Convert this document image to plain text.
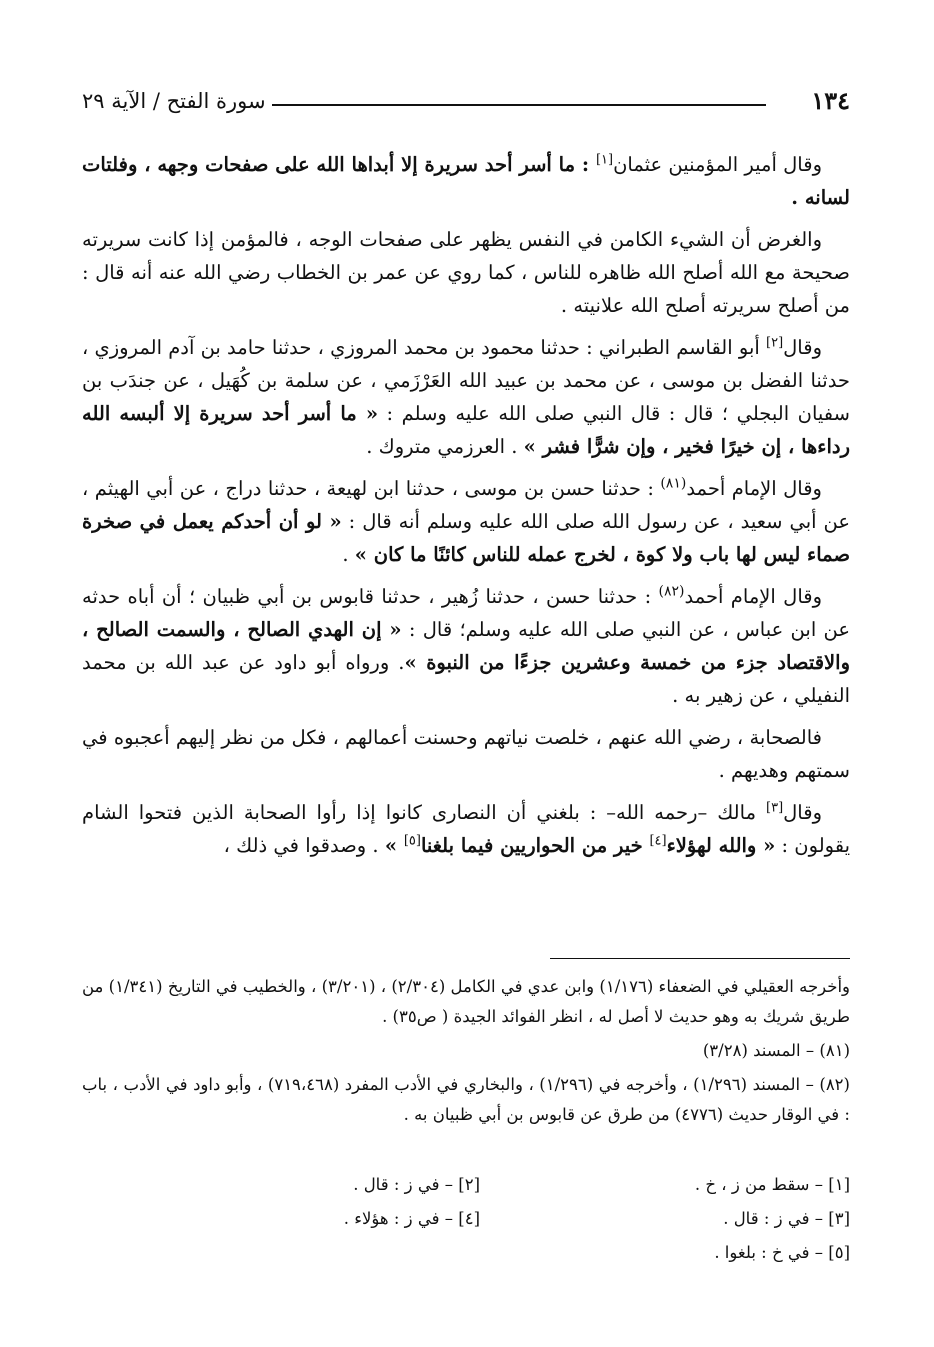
١٣٤
سورة الفتح / الآية ٢٩

وقال أمير المؤمنين عثمان[١] : ما أسر أحد سريرة إلا أبداها الله على صفحات وجهه ، وفلتات لسانه .

والغرض أن الشيء الكامن في النفس يظهر على صفحات الوجه ، فالمؤمن إذا كانت سريرته صحيحة مع الله أصلح الله ظاهره للناس ، كما روي عن عمر بن الخطاب رضي الله عنه أنه قال : من أصلح سريرته أصلح الله علانيته .

وقال[٢] أبو القاسم الطبراني : حدثنا محمود بن محمد المروزي ، حدثنا حامد بن آدم المروزي ، حدثنا الفضل بن موسى ، عن محمد بن عبيد الله العَرْزَمي ، عن سلمة بن كُهَيل ، عن جندَب بن سفيان البجلي ؛ قال : قال النبي صلى الله عليه وسلم : « ما أسر أحد سريرة إلا ألبسه الله رداءها ، إن خيرًا فخير ، وإن شرًّا فشر » . العرزمي متروك .

وقال الإمام أحمد$^{(٨١)}$ : حدثنا حسن بن موسى ، حدثنا ابن لهيعة ، حدثنا دراج ، عن أبي الهيثم ، عن أبي سعيد ، عن رسول الله صلى الله عليه وسلم أنه قال : « لو أن أحدكم يعمل في صخرة صماء ليس لها باب ولا كوة ، لخرج عمله للناس كائنًا ما كان » .

وقال الإمام أحمد$^{(٨٢)}$ : حدثنا حسن ، حدثنا زُهير ، حدثنا قابوس بن أبي ظبيان ؛ أن أباه حدثه عن ابن عباس ، عن النبي صلى الله عليه وسلم؛ قال : « إن الهدي الصالح ، والسمت الصالح ، والاقتصاد جزء من خمسة وعشرين جزءًا من النبوة ». ورواه أبو داود عن عبد الله بن محمد النفيلي ، عن زهير به .

فالصحابة ، رضي الله عنهم ، خلصت نياتهم وحسنت أعمالهم ، فكل من نظر إليهم أعجبوه في سمتهم وهديهم .

وقال[٣] مالك –رحمه الله– : بلغني أن النصارى كانوا إذا رأوا الصحابة الذين فتحوا الشام يقولون : « والله لهؤلاء[٤] خير من الحواريين فيما بلغنا[٥] » . وصدقوا في ذلك ،

وأخرجه العقيلي في الضعفاء (١/١٧٦) وابن عدي في الكامل (٢/٣٠٤) ، (٣/٢٠١) ، والخطيب في التاريخ (١/٣٤١) من طريق شريك به وهو حديث لا أصل له ، انظر الفوائد الجيدة ( ص٣٥) .

(٨١) – المسند (٣/٢٨)

(٨٢) – المسند (١/٢٩٦) ، وأخرجه في (١/٢٩٦) ، والبخاري في الأدب المفرد (٧١٩،٤٦٨) ، وأبو داود في الأدب ، باب : في الوقار حديث (٤٧٧٦) من طرق عن قابوس بن أبي ظبيان به .

[١] – سقط من ز ، خ .
[٢] – في ز : قال .
[٣] – في ز : قال .
[٤] – في ز : هؤلاء .
[٥] – في خ : بلغوا .
